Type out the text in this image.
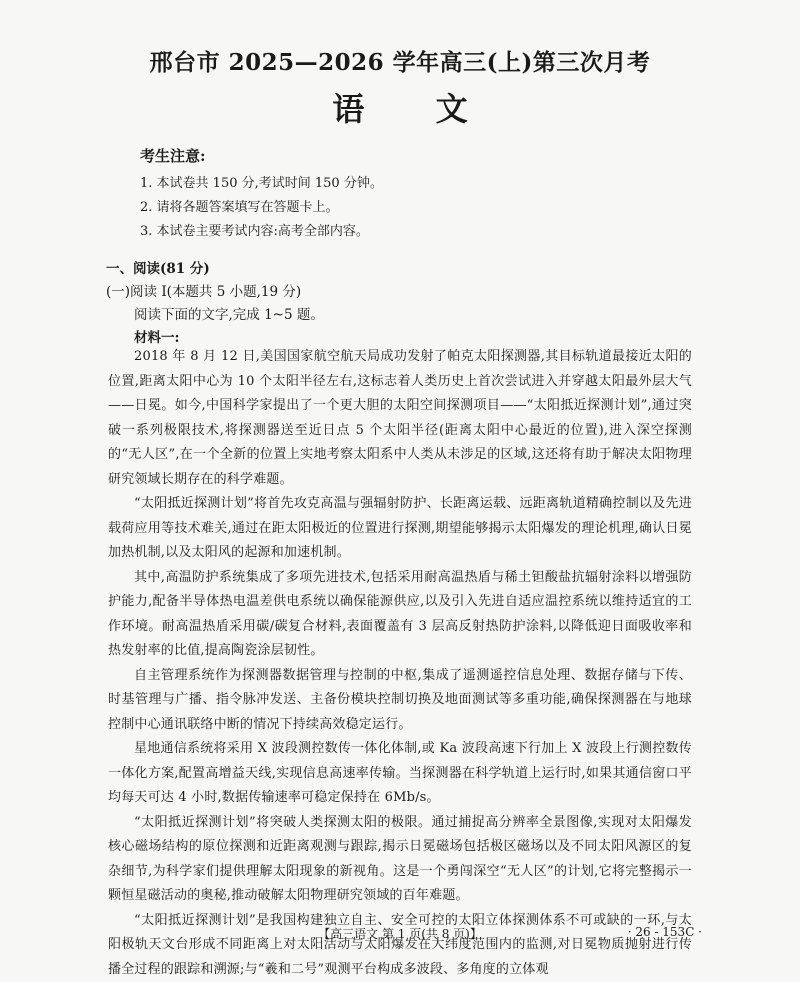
邢台市 2025—2026 学年高三(上)第三次月考
语 文
考生注意:
1. 本试卷共 150 分,考试时间 150 分钟。
2. 请将各题答案填写在答题卡上。
3. 本试卷主要考试内容:高考全部内容。
一、阅读(81 分)
(一)阅读 I(本题共 5 小题,19 分)
阅读下面的文字,完成 1~5 题。
材料一:

2018 年 8 月 12 日,美国国家航空航天局成功发射了帕克太阳探测器,其目标轨道最接近太阳的位置,距离太阳中心为 10 个太阳半径左右,这标志着人类历史上首次尝试进入并穿越太阳最外层大气——日冕。如今,中国科学家提出了一个更大胆的太阳空间探测项目——“太阳抵近探测计划”,通过突破一系列极限技术,将探测器送至近日点 5 个太阳半径(距离太阳中心最近的位置),进入深空探测的“无人区”,在一个全新的位置上实地考察太阳系中人类从未涉足的区域,这还将有助于解决太阳物理研究领域长期存在的科学难题。

“太阳抵近探测计划”将首先攻克高温与强辐射防护、长距离运载、远距离轨道精确控制以及先进载荷应用等技术难关,通过在距太阳极近的位置进行探测,期望能够揭示太阳爆发的理论机理,确认日冕加热机制,以及太阳风的起源和加速机制。

其中,高温防护系统集成了多项先进技术,包括采用耐高温热盾与稀土钽酸盐抗辐射涂料以增强防护能力,配备半导体热电温差供电系统以确保能源供应,以及引入先进自适应温控系统以维持适宜的工作环境。耐高温热盾采用碳/碳复合材料,表面覆盖有 3 层高反射热防护涂料,以降低迎日面吸收率和热发射率的比值,提高陶瓷涂层韧性。

自主管理系统作为探测器数据管理与控制的中枢,集成了遥测遥控信息处理、数据存储与下传、时基管理与广播、指令脉冲发送、主备份模块控制切换及地面测试等多重功能,确保探测器在与地球控制中心通讯联络中断的情况下持续高效稳定运行。

星地通信系统将采用 X 波段测控数传一体化体制,或 Ka 波段高速下行加上 X 波段上行测控数传一体化方案,配置高增益天线,实现信息高速率传输。当探测器在科学轨道上运行时,如果其通信窗口平均每天可达 4 小时,数据传输速率可稳定保持在 6Mb/s。

“太阳抵近探测计划”将突破人类探测太阳的极限。通过捕捉高分辨率全景图像,实现对太阳爆发核心磁场结构的原位探测和近距离观测与跟踪,揭示日冕磁场包括极区磁场以及不同太阳风源区的复杂细节,为科学家们提供理解太阳现象的新视角。这是一个勇闯深空“无人区”的计划,它将完整揭示一颗恒星磁活动的奥秘,推动破解太阳物理研究领域的百年难题。

“太阳抵近探测计划”是我国构建独立自主、安全可控的太阳立体探测体系不可或缺的一环,与太阳极轨天文台形成不同距离上对太阳活动与太阳爆发在大纬度范围内的监测,对日冕物质抛射进行传播全过程的跟踪和溯源;与“羲和二号”观测平台构成多波段、多角度的立体观

【高三语文 第 1 页(共 8 页)】	· 26 - 153C ·
